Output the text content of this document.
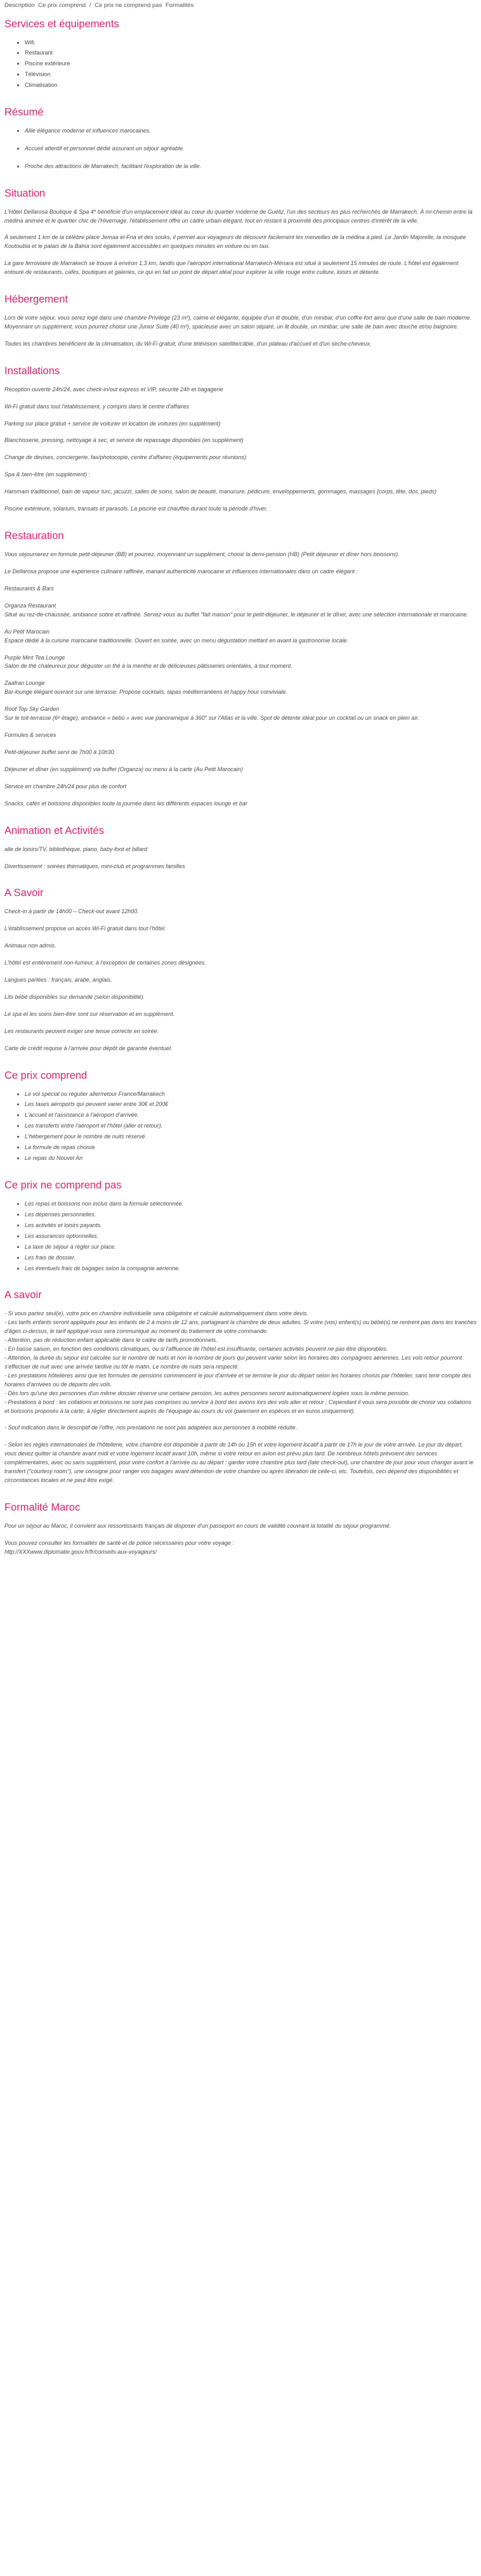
Description Ce prix comprend / Ce prix ne comprend pas Formalités
Services et équipements
• Wifi
• Restaurant
• Piscine extérieure
• Télévision
• Climatisation
Résumé
• Allie élégance moderne et influences marocaines.
• Accueil attentif et personnel dédié assurant un séjour agréable.
• Proche des attractions de Marrakech, facilitant l'exploration de la ville.
Situation

L'Hôtel Dellarosa Boutique & Spa 4* bénéficie d'un emplacement idéal au cœur du quartier moderne de Guéliz, l'un des secteurs les plus recherchés de Marrakech. À mi-chemin entre la médina animée et le quartier chic de l'Hivernage, l'établissement offre un cadre urbain élégant, tout en restant à proximité des principaux centres d'intérêt de la ville.

À seulement 1 km de la célèbre place Jemaa el-Fna et des souks, il permet aux voyageurs de découvrir facilement les merveilles de la médina à pied. Le Jardin Majorelle, la mosquée Koutoubia et le palais de la Bahia sont également accessibles en quelques minutes en voiture ou en taxi.

La gare ferroviaire de Marrakech se trouve à environ 1,3 km, tandis que l'aéroport international Marrakech-Ménara est situé à seulement 15 minutes de route. L'hôtel est également entouré de restaurants, cafés, boutiques et galeries, ce qui en fait un point de départ idéal pour explorer la ville rouge entre culture, loisirs et détente.

Hébergement

Lors de votre séjour, vous serez logé dans une chambre Privilège (23 m²), calme et élégante, équipée d'un lit double, d'un minibar, d'un coffre-fort ainsi que d'une salle de bain moderne. Moyennant un supplément, vous pourrez choisir une Junior Suite (40 m²), spacieuse avec un salon séparé, un lit double, un minibar, une salle de bain avec douche et/ou baignoire.

Toutes les chambres bénéficient de la climatisation, du Wi-Fi gratuit, d'une télévision satellite/câble, d'un plateau d'accueil et d'un sèche-cheveux.

Installations

Réception ouverte 24h/24, avec check-in/out express et VIP, sécurité 24h et bagagerie

Wi-Fi gratuit dans tout l'établissement, y compris dans le centre d'affaires

Parking sur place gratuit + service de voiturier et location de voitures (en supplément)

Blanchisserie, pressing, nettoyage à sec, et service de repassage disponibles (en supplément)

Change de devises, conciergerie, fax/photocopie, centre d'affaires (équipements pour réunions)

Spa & bien-être (en supplément) :

Hammam traditionnel, bain de vapeur turc, jacuzzi, salles de soins, salon de beauté, manucure, pédicure, enveloppements, gommages, massages (corps, tête, dos, pieds)

Piscine extérieure, solarium, transats et parasols. La piscine est chauffée durant toute la période d'hiver.

Restauration

Vous séjournerez en formule petit-déjeuner (BB) et pourrez, moyennant un supplément, choisir la demi-pension (HB) (Petit déjeuner et dîner hors boissons).

Le Dellarosa propose une expérience culinaire raffinée, mariant authenticité marocaine et influences internationales dans un cadre élégant :

Restaurants & Bars

Organza Restaurant
Situé au rez-de-chaussée, ambiance sobre et raffinée. Servez-vous au buffet "fait maison" pour le petit-déjeuner, le déjeuner et le dîner, avec une sélection internationale et marocaine.

Au Petit Marocain
Espace dédié à la cuisine marocaine traditionnelle. Ouvert en soirée, avec un menu dégustation mettant en avant la gastronomie locale.

Purple Mint Tea Lounge
Salon de thé chaleureux pour déguster un thé à la menthe et de délicieuses pâtisseries orientales, à tout moment.

Zaafran Lounge
Bar-lounge élégant ouvrant sur une terrasse. Propose cocktails, tapas méditerranéens et happy hour conviviale.

Roof Top Sky Garden
Sur le toit-terrasse (6ᵉ étage), ambiance « bebù » avec vue panoramique à 360° sur l'Atlas et la ville. Spot de détente idéal pour un cocktail ou un snack en plein air.

Formules & services

Petit-déjeuner buffet servi de 7h00 à 10h30

Déjeuner et dîner (en supplément) via buffet (Organza) ou menu à la carte (Au Petit Marocain)

Service en chambre 24h/24 pour plus de confort

Snacks, cafés et boissons disponibles toute la journée dans les différents espaces lounge et bar

Animation et Activités

alle de loisirs/TV, bibliothèque, piano, baby-foot et billard

Divertissement : soirées thématiques, mini-club et programmes familles

A Savoir

Check-in à partir de 14h00 – Check-out avant 12h00.

L'établissement propose un accès Wi-Fi gratuit dans tout l'hôtel.

Animaux non admis.

L'hôtel est entièrement non-fumeur, à l'exception de certaines zones désignées.

Langues parlées : français, arabe, anglais.

Lits bébé disponibles sur demande (selon disponibilité).

Le spa et les soins bien-être sont sur réservation et en supplément.

Les restaurants peuvent exiger une tenue correcte en soirée.

Carte de crédit requise à l'arrivée pour dépôt de garantie éventuel.

Ce prix comprend
• Le vol spécial ou régulier aller/retour France/Marrakech
• Les taxes aéroports qui peuvent varier entre 30€ et 200€
• L'accueil et l'assistance à l'aéroport d'arrivée.
• Les transferts entre l'aéroport et l'hôtel (aller et retour).
• L'hébergement pour le nombre de nuits réservé.
• La formule de repas choisie
• Le repas du Nouvel An
Ce prix ne comprend pas
• Les repas et boissons non inclus dans la formule sélectionnée.
• Les dépenses personnelles.
• Les activités et loisirs payants.
• Les assurances optionnelles.
• La taxe de séjour à régler sur place.
• Les frais de dossier.
• Les éventuels frais de bagages selon la compagnie aérienne.
A savoir

- Si vous partez seul(e), votre prix en chambre individuelle sera obligatoire et calculé automatiquement dans votre devis.
- Les tarifs enfants seront appliqués pour les enfants de 2 à moins de 12 ans, partageant la chambre de deux adultes. Si votre (vos) enfant(s) ou bébé(s) ne rentrent pas dans les tranches d'âges ci-dessus, le tarif appliqué vous sera communiqué au moment du traitement de votre commande.
- Attention, pas de réduction enfant applicable dans le cadre de tarifs promotionnels.
- En basse saison, en fonction des conditions climatiques, ou si l'affluence de l'hôtel est insuffisante, certaines activités peuvent ne pas être disponibles.
- Attention, la durée du séjour est calculée sur le nombre de nuits et non le nombre de jours qui peuvent varier selon les horaires des compagnies aériennes. Les vols retour pourront s'effectuer de nuit avec une arrivée tardive ou tôt le matin. Le nombre de nuits sera respecté.
- Les prestations hôtelières ainsi que les formules de pensions commencent le jour d'arrivée et se termine le jour du départ selon les horaires choisis par l'hôtelier, sans tenir compte des horaires d'arrivées ou de départs des vols.
- Dès lors qu'une des personnes d'un même dossier réserve une certaine pension, les autres personnes seront automatiquement logées sous la même pension.
- Prestations à bord : les collations et boissons ne sont pas comprises ou service à bord des avions lors des vols aller et retour ; Cependant il vous sera possible de choisir vos collations et boissons proposés à la carte, à régler directement auprès de l'équipage au cours du vol (paiement en espèces et en euros uniquement).

- Souf indication dans le descriptif de l'offre, nos prestations ne sont pas adaptées aux personnes à mobilité réduite.

- Selon les règles internationales de l'hôtellerie, votre chambre est disponible à partir de 14h ou 15h et votre logement locatif à partir de 17h le jour de votre arrivée. Le jour du départ, vous devez quitter la chambre avant midi et votre logement locatif avant 10h, même si votre retour en avion est prévu plus tard. De nombreux hôtels prévoient des services complémentaires, avec ou sans supplément, pour votre confort à l'arrivée ou au départ : garder votre chambre plus tard (late check-out), une chambre de jour pour vous changer avant le transfert ("courtesy room"), une consigne pour ranger vos bagages avant détention de votre chambre ou après libération de celle-ci, etc. Toutefois, ceci dépend des disponibilités et circonstances locales et ne peut être exigé.

Formalité Maroc

Pour un séjour au Maroc, il convient aux ressortissants français de disposer d'un passeport en cours de validité couvrant la totalité du séjour programmé.

Vous pouvez consulter les formalités de santé et de police nécessaires pour votre voyage :
http://XXXwww.diplomatie.gouv.fr/fr/conseils-aux-voyageurs/
